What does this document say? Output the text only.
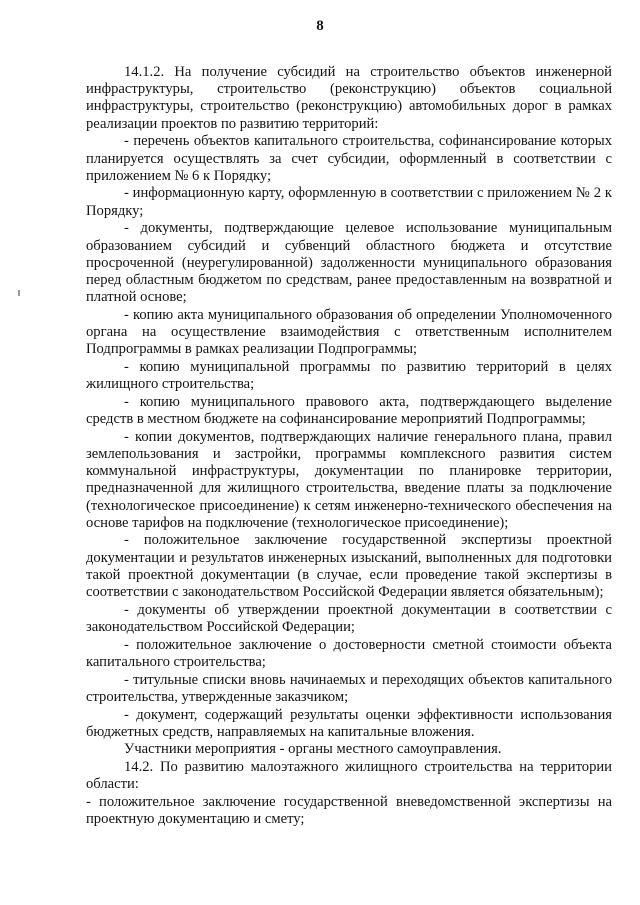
8

14.1.2. На получение субсидий на строительство объектов инженерной инфраструктуры, строительство (реконструкцию) объектов социальной инфраструктуры, строительство (реконструкцию) автомобильных дорог в рамках реализации проектов по развитию территорий:

- перечень объектов капитального строительства, софинансирование которых планируется осуществлять за счет субсидии, оформленный в соответствии с приложением № 6 к Порядку;

- информационную карту, оформленную в соответствии с приложением № 2 к Порядку;

- документы, подтверждающие целевое использование муниципальным образованием субсидий и субвенций областного бюджета и отсутствие просроченной (неурегулированной) задолженности муниципального образования перед областным бюджетом по средствам, ранее предоставленным на возвратной и платной основе;

- копию акта муниципального образования об определении Уполномоченного органа на осуществление взаимодействия с ответственным исполнителем Подпрограммы в рамках реализации Подпрограммы;

- копию муниципальной программы по развитию территорий в целях жилищного строительства;

- копию муниципального правового акта, подтверждающего выделение средств в местном бюджете на софинансирование мероприятий Подпрограммы;

- копии документов, подтверждающих наличие генерального плана, правил землепользования и застройки, программы комплексного развития систем коммунальной инфраструктуры, документации по планировке территории, предназначенной для жилищного строительства, введение платы за подключение (технологическое присоединение) к сетям инженерно-технического обеспечения на основе тарифов на подключение (технологическое присоединение);

- положительное заключение государственной экспертизы проектной документации и результатов инженерных изысканий, выполненных для подготовки такой проектной документации (в случае, если проведение такой экспертизы в соответствии с законодательством Российской Федерации является обязательным);

- документы об утверждении проектной документации в соответствии с законодательством Российской Федерации;

- положительное заключение о достоверности сметной стоимости объекта капитального строительства;

- титульные списки вновь начинаемых и переходящих объектов капитального строительства, утвержденные заказчиком;

- документ, содержащий результаты оценки эффективности использования бюджетных средств, направляемых на капитальные вложения.

Участники мероприятия - органы местного самоуправления.

14.2. По развитию малоэтажного жилищного строительства на территории области:

- положительное заключение государственной вневедомственной экспертизы на проектную документацию и смету;
